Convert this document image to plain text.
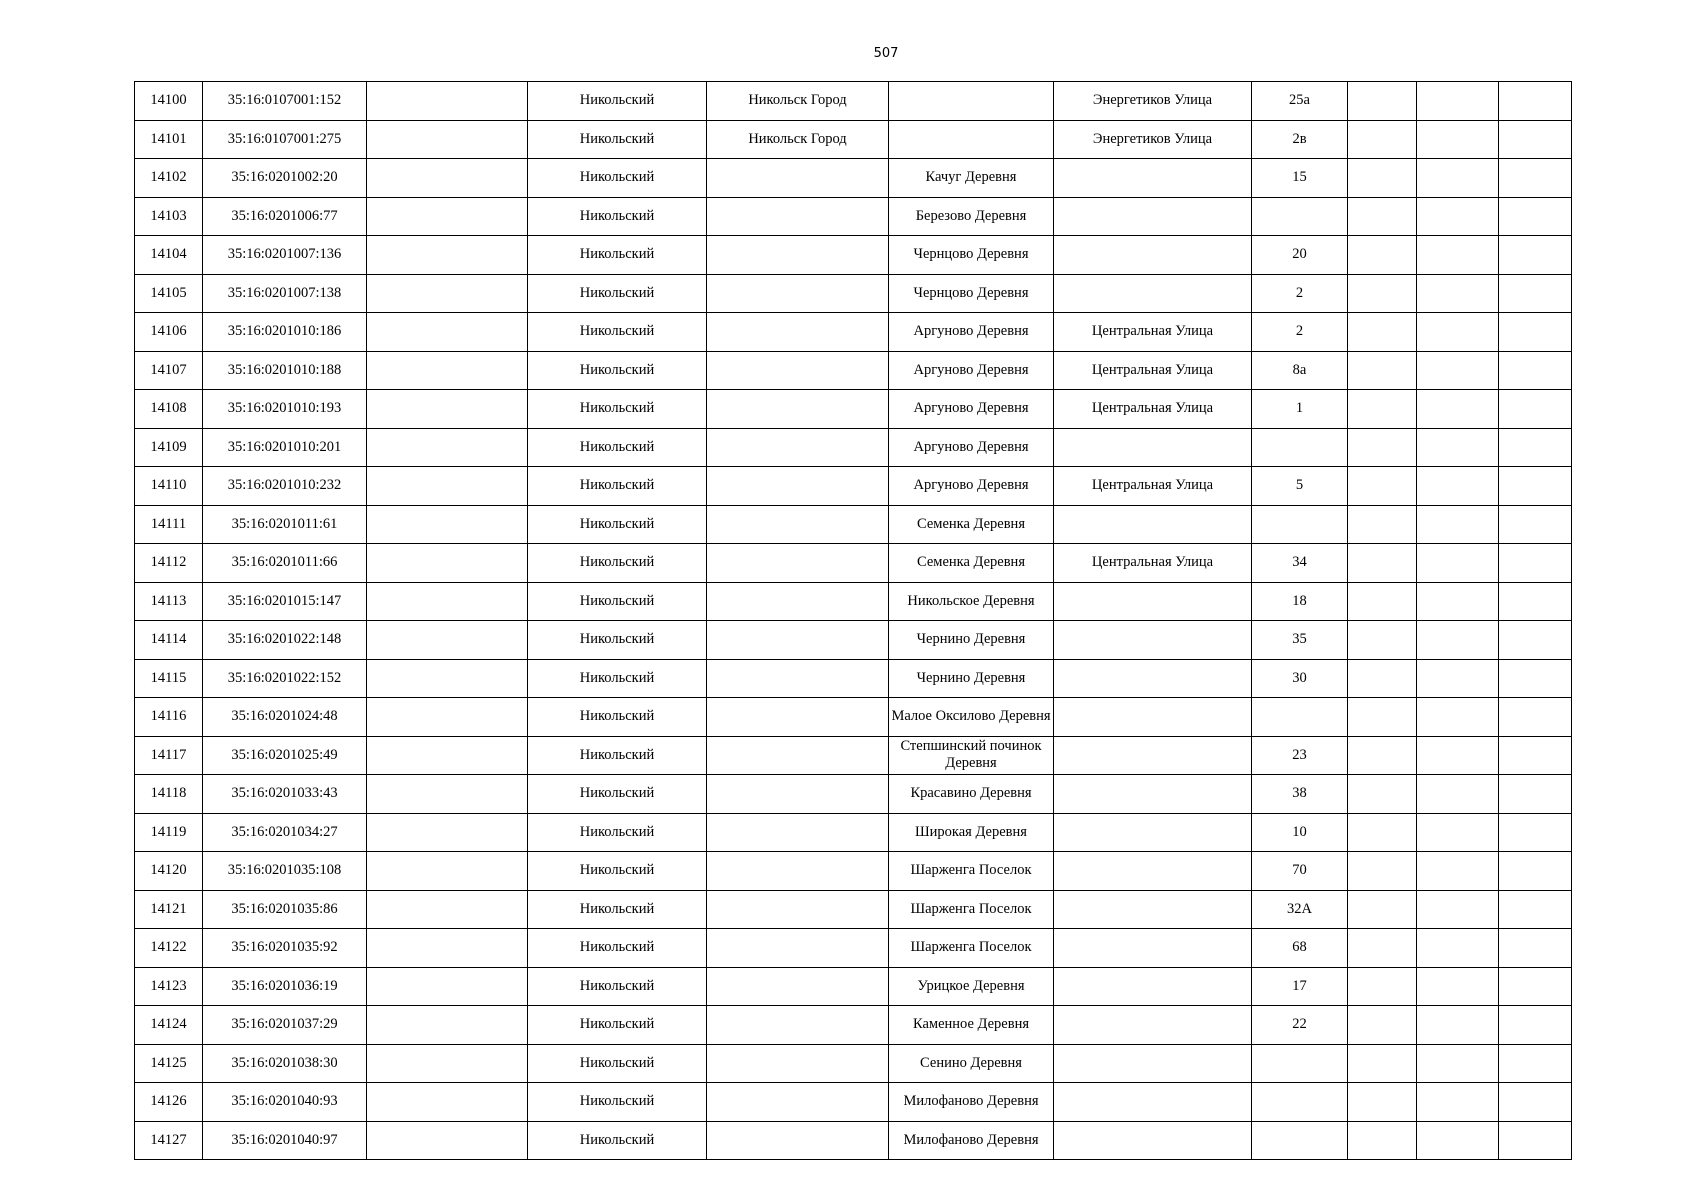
507
14100	35:16:0107001:152		Никольский	Никольск Город		Энергетиков Улица	25а			
14101	35:16:0107001:275		Никольский	Никольск Город		Энергетиков Улица	2в			
14102	35:16:0201002:20		Никольский		Качуг Деревня		15			
14103	35:16:0201006:77		Никольский		Березово Деревня					
14104	35:16:0201007:136		Никольский		Чернцово Деревня		20			
14105	35:16:0201007:138		Никольский		Чернцово Деревня		2			
14106	35:16:0201010:186		Никольский		Аргуново Деревня	Центральная Улица	2			
14107	35:16:0201010:188		Никольский		Аргуново Деревня	Центральная Улица	8а			
14108	35:16:0201010:193		Никольский		Аргуново Деревня	Центральная Улица	1			
14109	35:16:0201010:201		Никольский		Аргуново Деревня					
14110	35:16:0201010:232		Никольский		Аргуново Деревня	Центральная Улица	5			
14111	35:16:0201011:61		Никольский		Семенка Деревня					
14112	35:16:0201011:66		Никольский		Семенка Деревня	Центральная Улица	34			
14113	35:16:0201015:147		Никольский		Никольское Деревня		18			
14114	35:16:0201022:148		Никольский		Чернино Деревня		35			
14115	35:16:0201022:152		Никольский		Чернино Деревня		30			
14116	35:16:0201024:48		Никольский		Малое Оксилово Деревня					
14117	35:16:0201025:49		Никольский		Степшинский починок Деревня		23			
14118	35:16:0201033:43		Никольский		Красавино Деревня		38			
14119	35:16:0201034:27		Никольский		Широкая Деревня		10			
14120	35:16:0201035:108		Никольский		Шарженга Поселок		70			
14121	35:16:0201035:86		Никольский		Шарженга Поселок		32А			
14122	35:16:0201035:92		Никольский		Шарженга Поселок		68			
14123	35:16:0201036:19		Никольский		Урицкое Деревня		17			
14124	35:16:0201037:29		Никольский		Каменное Деревня		22			
14125	35:16:0201038:30		Никольский		Сенино Деревня					
14126	35:16:0201040:93		Никольский		Милофаново Деревня					
14127	35:16:0201040:97		Никольский		Милофаново Деревня					
